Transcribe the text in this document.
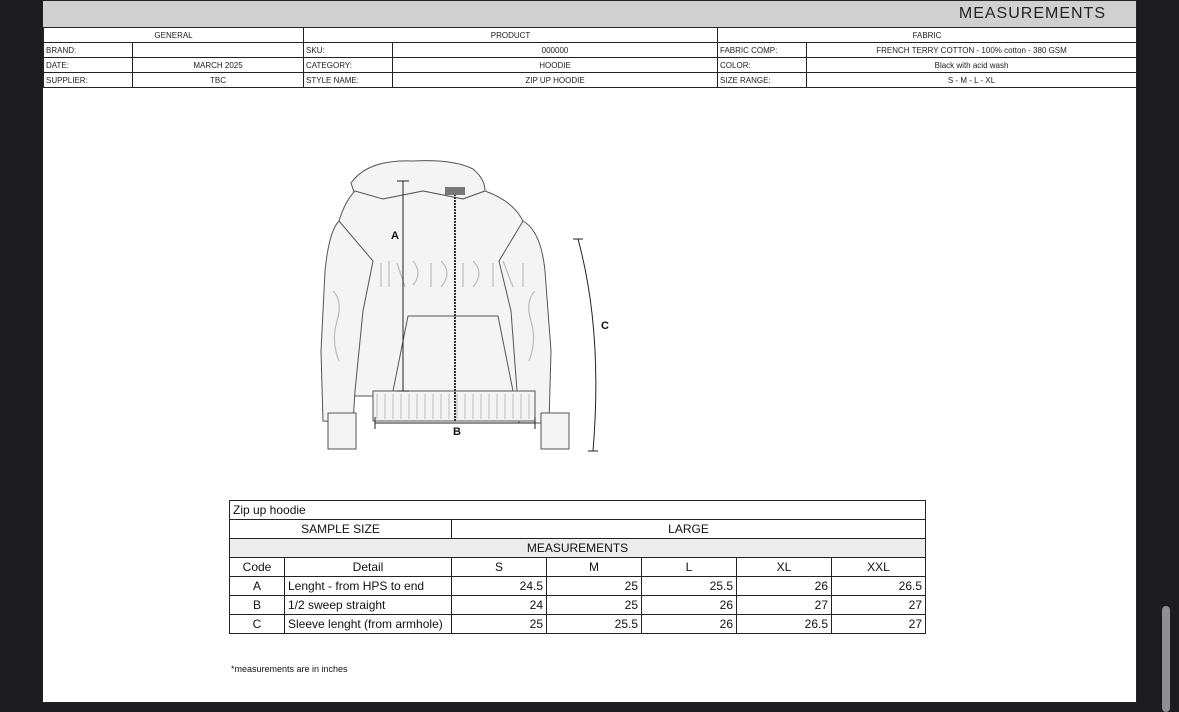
MEASUREMENTS
GENERAL		PRODUCT		FABRIC	
BRAND:		SKU:	000000	FABRIC COMP:	FRENCH TERRY COTTON - 100% cotton - 380 GSM
DATE:	MARCH 2025	CATEGORY:	HOODIE	COLOR:	Black with acid wash
SUPPLIER:	TBC	STYLE NAME:	ZIP UP HOODIE	SIZE RANGE:	S - M - L - XL
A
B
C
Zip up hoodie						
SAMPLE SIZE		LARGE				
MEASUREMENTS						
Code	Detail	S	M	L	XL	XXL
A	Lenght - from HPS to end	24.5	25	25.5	26	26.5
B	1/2 sweep straight	24	25	26	27	27
C	Sleeve lenght (from armhole)	25	25.5	26	26.5	27
*measurements are in inches
